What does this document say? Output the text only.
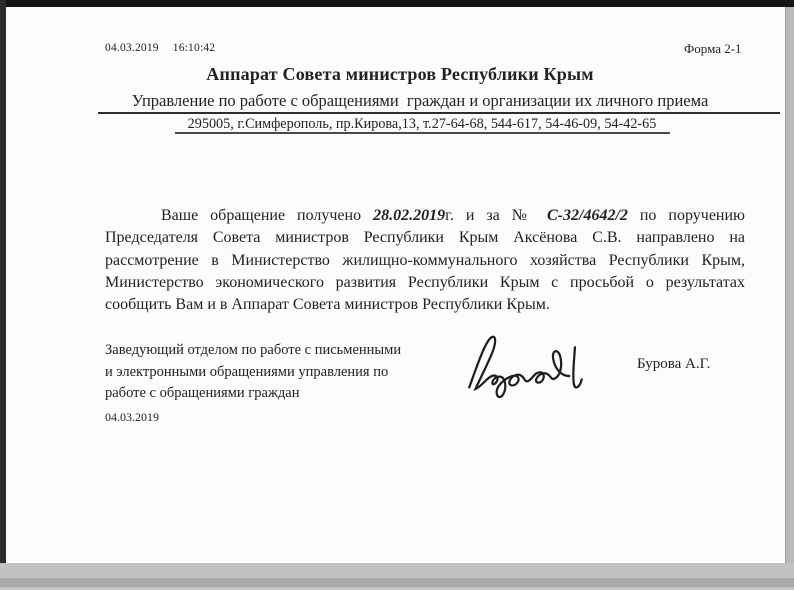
04.03.2019 16:10:42	Форма 2-1
Аппарат Совета министров Республики Крым
Управление по работе с обращениями  граждан и организации их личного приема
295005, г.Симферополь, пр.Кирова,13, т.27-64-68, 544-617, 54-46-09, 54-42-65
Ваше обращение получено 28.02.2019г. и за № С-32/4642/2 по поручению
Председателя Совета министров Республики Крым Аксёнова С.В. направлено на
рассмотрение в Министерство жилищно-коммунального хозяйства Республики Крым,
Министерство экономического развития Республики Крым с просьбой о результатах
сообщить Вам и в Аппарат Совета министров Республики Крым.
Заведующий отделом по работе с письменными
и электронными обращениями управления по
работе с обращениями граждан
04.03.2019
Бурова А.Г.
